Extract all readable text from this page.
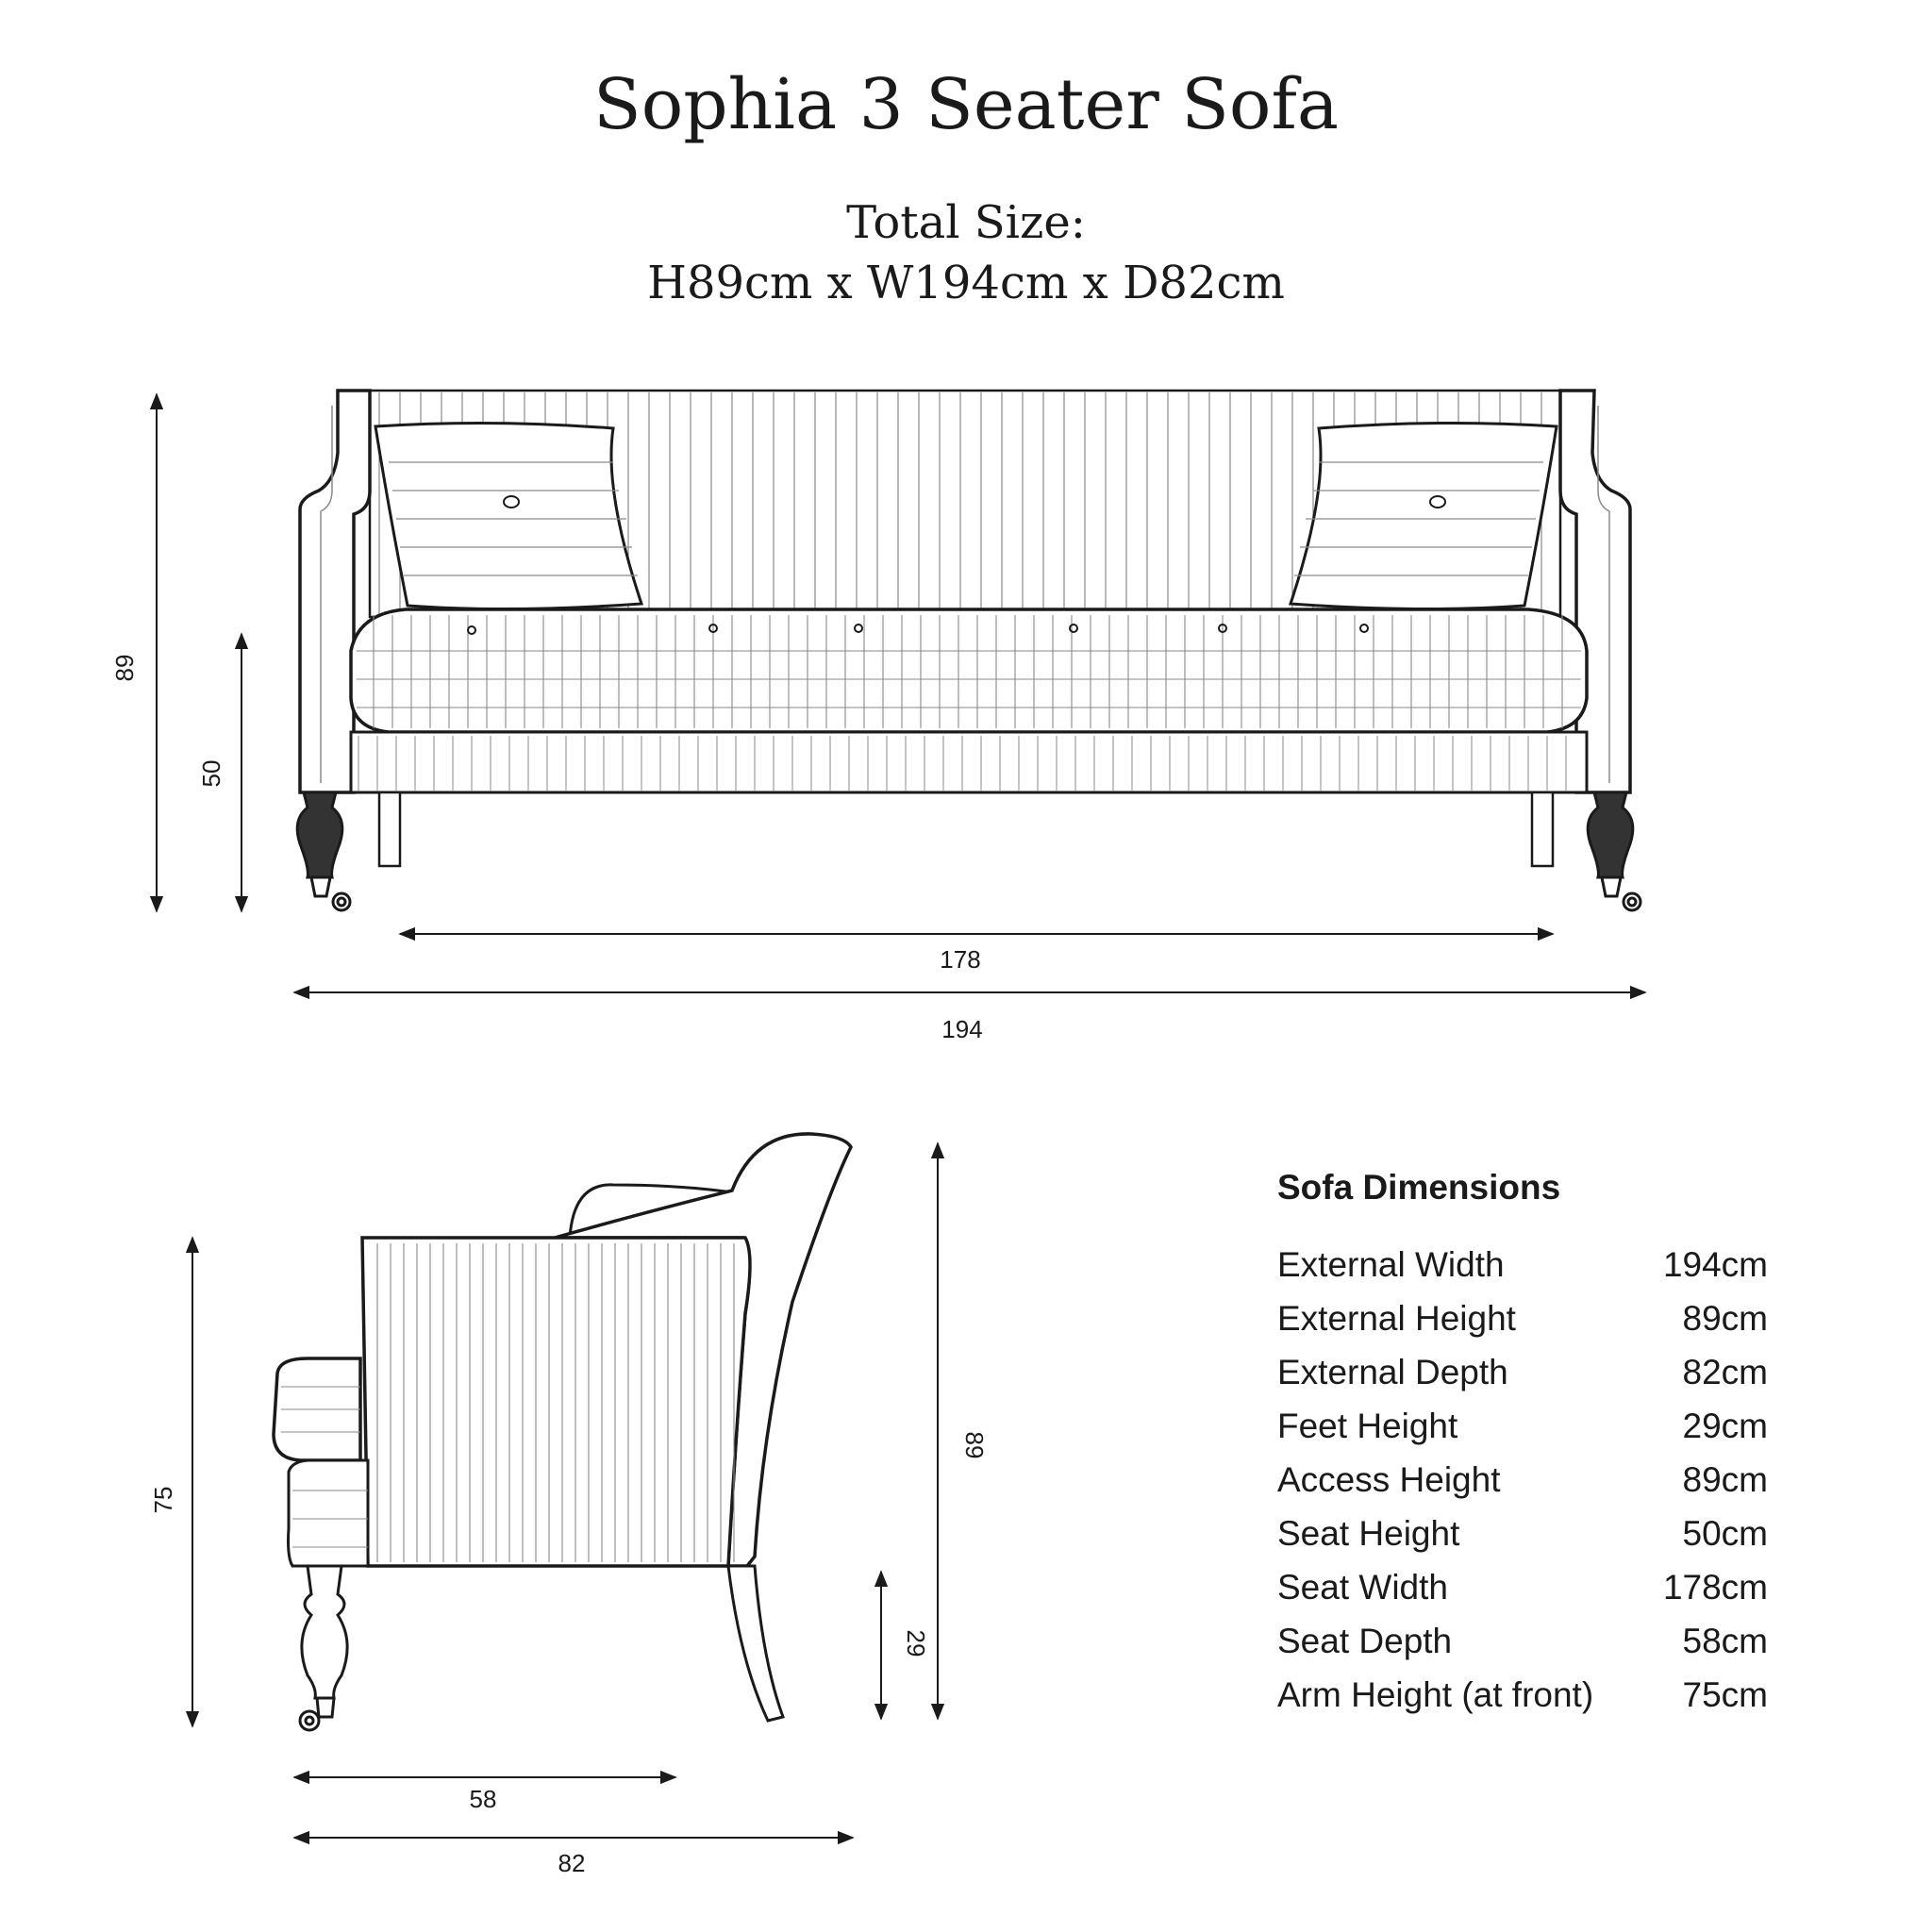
Sophia 3 Seater Sofa
Total Size:
H89cm x W194cm x D82cm
89
50
178
194
75
89
29
58
82
Sofa Dimensions
External Width	194cm
External Height	89cm
External Depth	82cm
Feet Height	29cm
Access Height	89cm
Seat Height	50cm
Seat Width	178cm
Seat Depth	58cm
Arm Height (at front)	75cm
